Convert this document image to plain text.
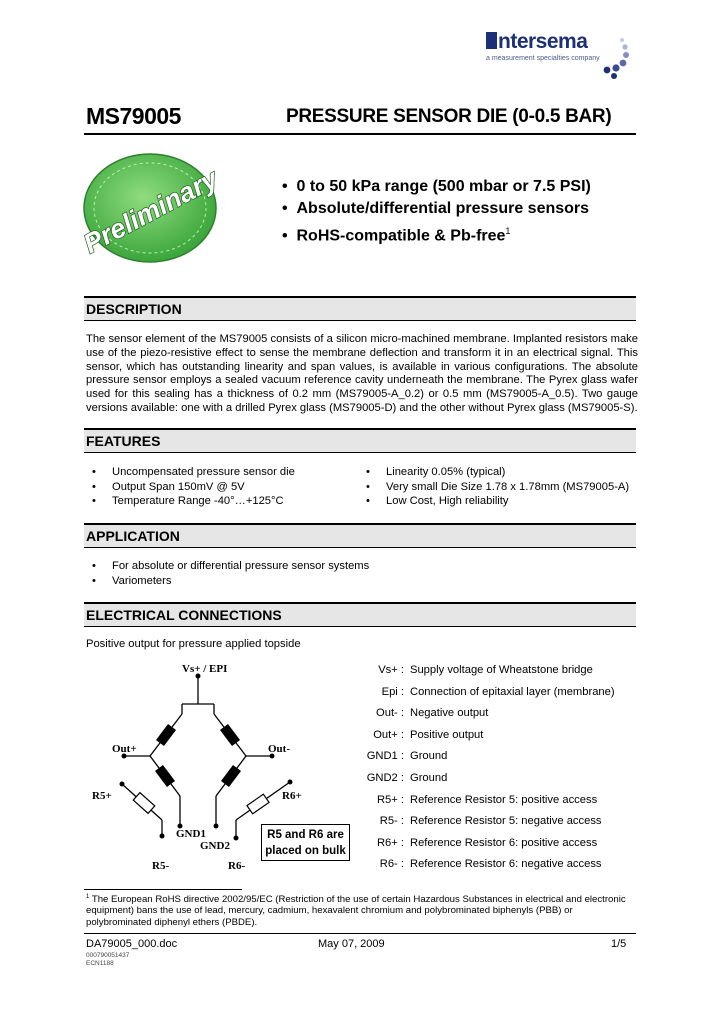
ntersema
a measurement specialties company
MS79005	PRESSURE SENSOR DIE (0-0.5 BAR)
Preliminary	•  0 to 50 kPa range (500 mbar or 7.5 PSI)
•  Absolute/differential pressure sensors
•  RoHS-compatible & Pb-free$^1$
DESCRIPTION
The sensor element of the MS79005 consists of a silicon micro-machined membrane. Implanted resistors make use of the piezo-resistive effect to sense the membrane deflection and transform it in an electrical signal. This sensor, which has outstanding linearity and span values, is available in various configurations. The absolute pressure sensor employs a sealed vacuum reference cavity underneath the membrane. The Pyrex glass wafer used for this sealing has a thickness of 0.2 mm (MS79005-A_0.2) or 0.5 mm (MS79005-A_0.5). Two gauge versions available: one with a drilled Pyrex glass (MS79005-D) and the other without Pyrex glass (MS79005-S).
FEATURES
• Uncompensated pressure sensor die
• Output Span 150mV @ 5V
• Temperature Range -40°…+125°C
• Linearity 0.05% (typical)
• Very small Die Size 1.78 x 1.78mm (MS79005-A)
• Low Cost, High reliability
APPLICATION
• For absolute or differential pressure sensor systems
• Variometers
ELECTRICAL CONNECTIONS
Positive output for pressure applied topside
Vs+ / EPI
Out+	Out-
R5+	R6+
GND1
GND2
R5-	R6-
R5 and R6 are
placed on bulk
Vs+ : Supply voltage of Wheatstone bridge
Epi : Connection of epitaxial layer (membrane)
Out- : Negative output
Out+ : Positive output
GND1 : Ground
GND2 : Ground
R5+ : Reference Resistor 5: positive access
R5- : Reference Resistor 5: negative access
R6+ : Reference Resistor 6: positive access
R6- : Reference Resistor 6: negative access
$^1$ The European RoHS directive 2002/95/EC (Restriction of the use of certain Hazardous Substances in electrical and electronic equipment) bans the use of lead, mercury, cadmium, hexavalent chromium and polybrominated biphenyls (PBB) or polybrominated diphenyl ethers (PBDE).
DA79005_000.doc	May 07, 2009	1/5
000790051437
ECN1188
